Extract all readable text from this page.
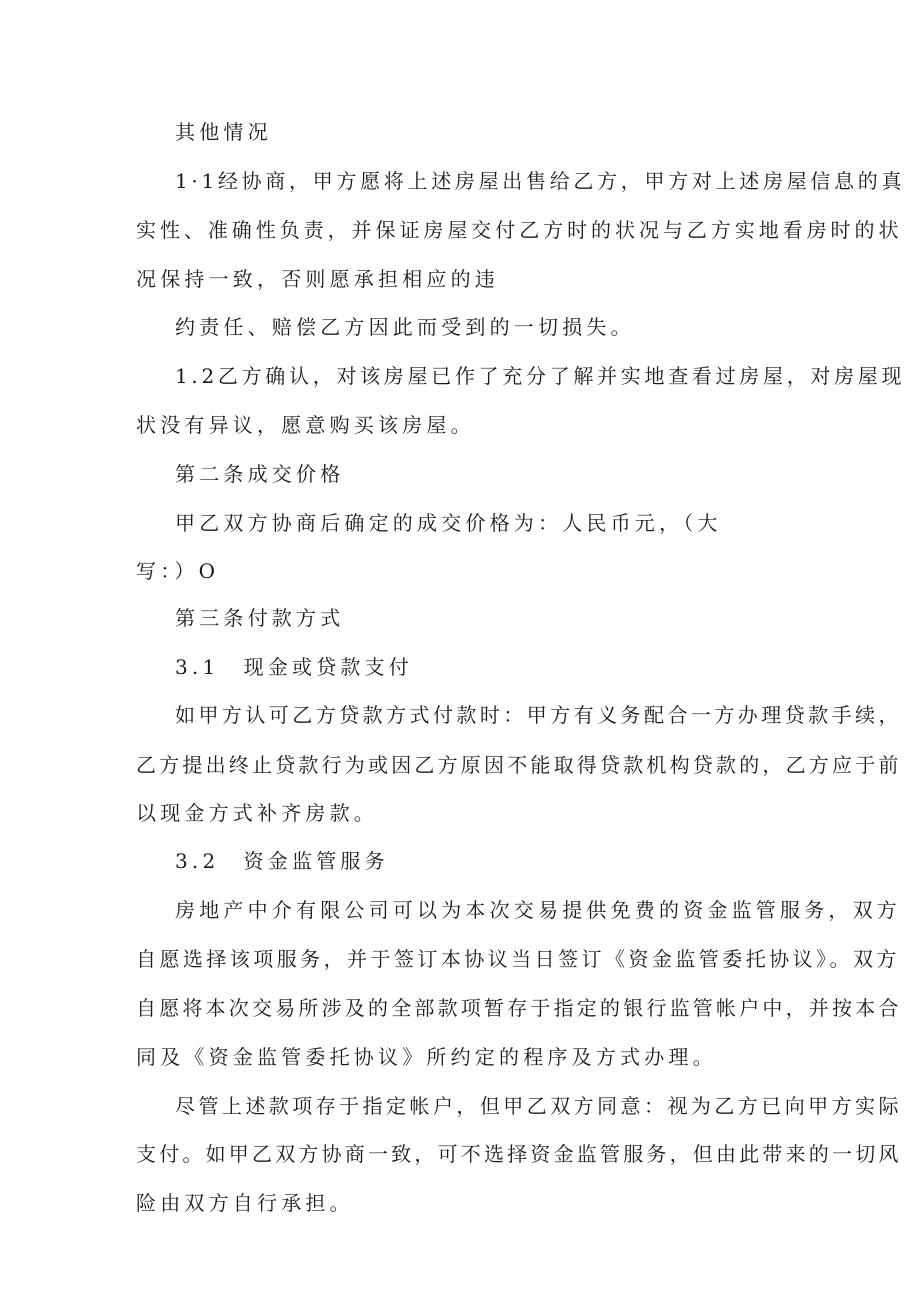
其他情况
1·1经协商，甲方愿将上述房屋出售给乙方，甲方对上述房屋信息的真
实性、准确性负责，并保证房屋交付乙方时的状况与乙方实地看房时的状
况保持一致，否则愿承担相应的违
约责任、赔偿乙方因此而受到的一切损失。
1.2乙方确认，对该房屋已作了充分了解并实地查看过房屋，对房屋现
状没有异议，愿意购买该房屋。
第二条成交价格
甲乙双方协商后确定的成交价格为：人民币元，（大
写：）O
第三条付款方式
3.1　现金或贷款支付
如甲方认可乙方贷款方式付款时：甲方有义务配合一方办理贷款手续，
乙方提出终止贷款行为或因乙方原因不能取得贷款机构贷款的，乙方应于前
以现金方式补齐房款。
3.2　资金监管服务
房地产中介有限公司可以为本次交易提供免费的资金监管服务，双方
自愿选择该项服务，并于签订本协议当日签订《资金监管委托协议》。双方
自愿将本次交易所涉及的全部款项暂存于指定的银行监管帐户中，并按本合
同及《资金监管委托协议》所约定的程序及方式办理。
尽管上述款项存于指定帐户，但甲乙双方同意：视为乙方已向甲方实际
支付。如甲乙双方协商一致，可不选择资金监管服务，但由此带来的一切风
险由双方自行承担。
